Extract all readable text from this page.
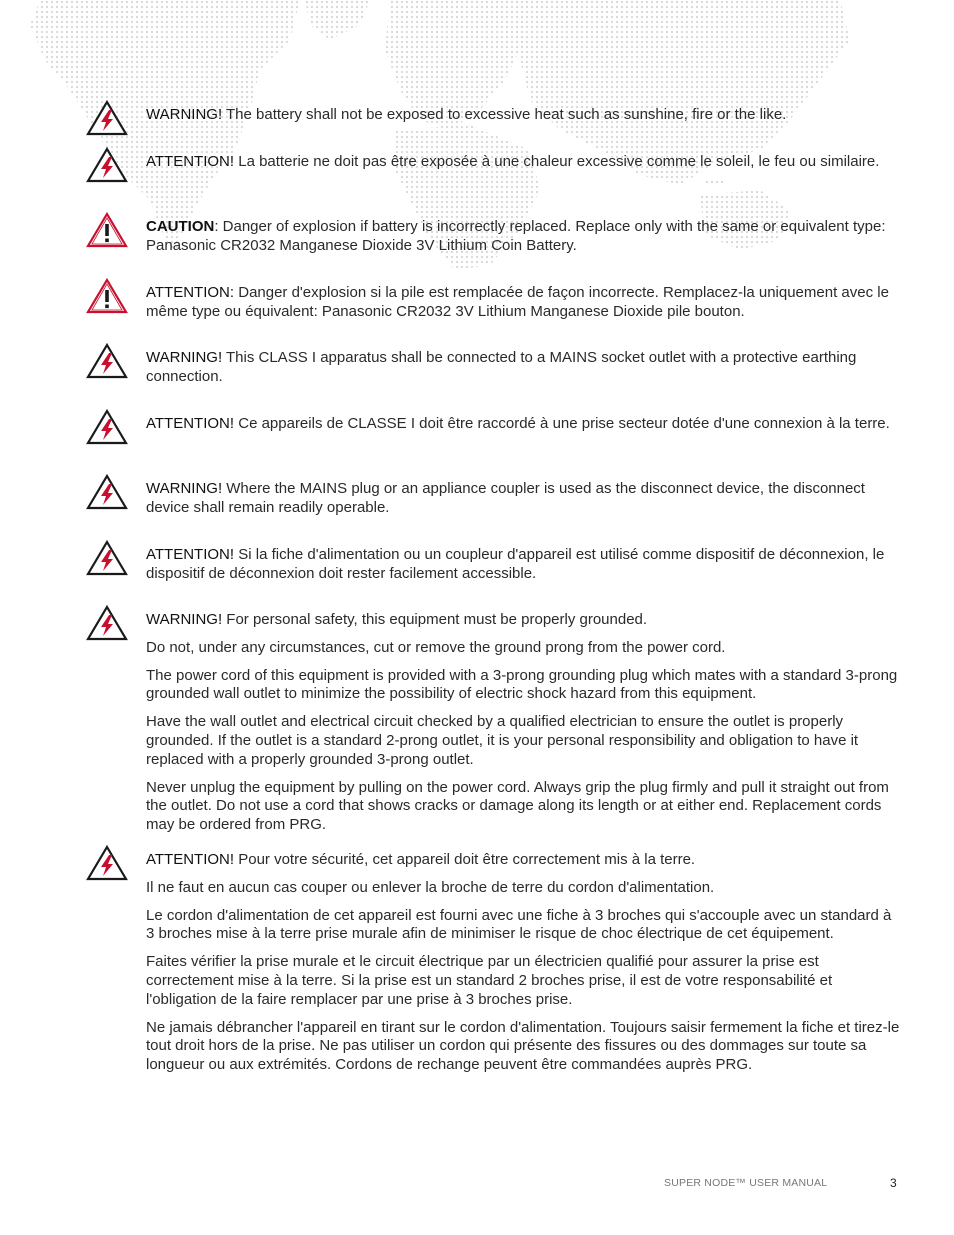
WARNING! The battery shall not be exposed to excessive heat such as sunshine, fire or the like.

ATTENTION! La batterie ne doit pas être exposée à une chaleur excessive comme le soleil, le feu ou similaire.

CAUTION: Danger of explosion if battery is incorrectly replaced. Replace only with the same or equivalent type: Panasonic CR2032 Manganese Dioxide 3V Lithium Coin Battery.

ATTENTION: Danger d'explosion si la pile est remplacée de façon incorrecte. Remplacez-la uniquement avec le même type ou équivalent: Panasonic CR2032 3V Lithium Manganese Dioxide pile bouton.

WARNING! This CLASS I apparatus shall be connected to a MAINS socket outlet with a protective earthing connection.

ATTENTION! Ce appareils de CLASSE I doit être raccordé à une prise secteur dotée d'une connexion à la terre.

WARNING! Where the MAINS plug or an appliance coupler is used as the disconnect device, the disconnect device shall remain readily operable.

ATTENTION! Si la fiche d'alimentation ou un coupleur d'appareil est utilisé comme dispositif de déconnexion, le dispositif de déconnexion doit rester facilement accessible.

WARNING! For personal safety, this equipment must be properly grounded.

Do not, under any circumstances, cut or remove the ground prong from the power cord.

The power cord of this equipment is provided with a 3-prong grounding plug which mates with a standard 3-prong grounded wall outlet to minimize the possibility of electric shock hazard from this equipment.

Have the wall outlet and electrical circuit checked by a qualified electrician to ensure the outlet is properly grounded. If the outlet is a standard 2-prong outlet, it is your personal responsibility and obligation to have it replaced with a properly grounded 3-prong outlet.

Never unplug the equipment by pulling on the power cord. Always grip the plug firmly and pull it straight out from the outlet. Do not use a cord that shows cracks or damage along its length or at either end. Replacement cords may be ordered from PRG.

ATTENTION! Pour votre sécurité, cet appareil doit être correctement mis à la terre.

Il ne faut en aucun cas couper ou enlever la broche de terre du cordon d'alimentation.

Le cordon d'alimentation de cet appareil est fourni avec une fiche à 3 broches qui s'accouple avec un standard à 3 broches mise à la terre prise murale afin de minimiser le risque de choc électrique de cet équipement.

Faites vérifier la prise murale et le circuit électrique par un électricien qualifié pour assurer la prise est correctement mise à la terre. Si la prise est un standard 2 broches prise, il est de votre responsabilité et l'obligation de la faire remplacer par une prise à 3 broches prise.

Ne jamais débrancher l'appareil en tirant sur le cordon d'alimentation. Toujours saisir fermement la fiche et tirez-le tout droit hors de la prise. Ne pas utiliser un cordon qui présente des fissures ou des dommages sur toute sa longueur ou aux extrémités. Cordons de rechange peuvent être commandées auprès PRG.

SUPER NODE™ USER MANUAL	3
